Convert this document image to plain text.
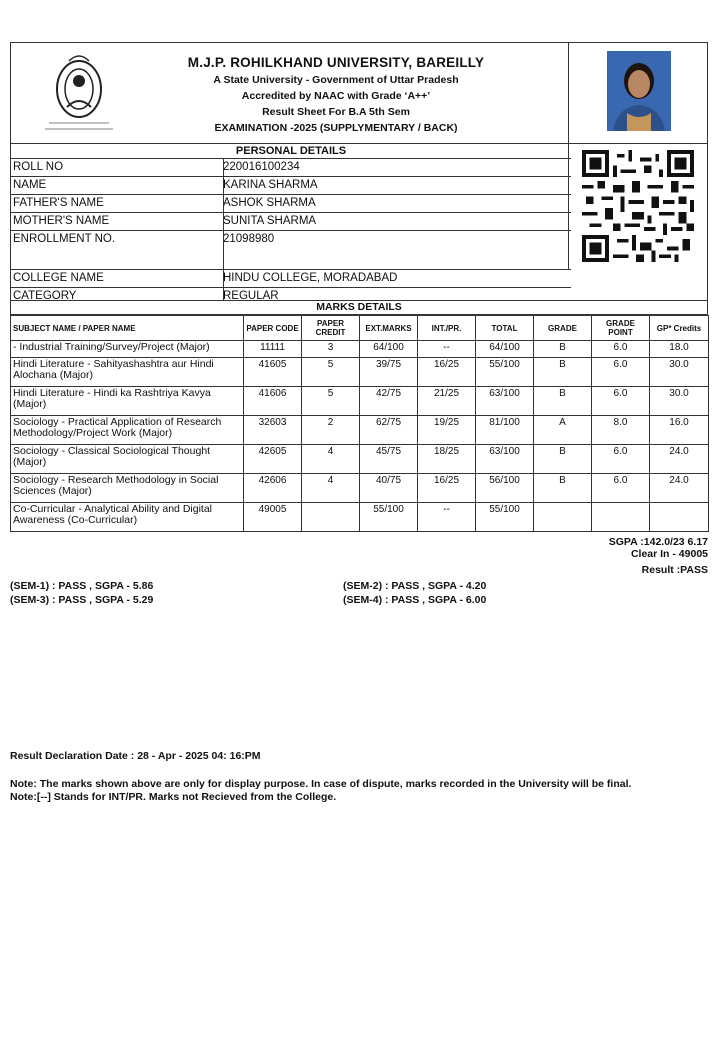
M.J.P. ROHILKHAND UNIVERSITY, BAREILLY
A State University - Government of Uttar Pradesh
Accredited by NAAC with Grade ‘A++’
Result Sheet For B.A 5th Sem
EXAMINATION -2025 (SUPPLYMENTARY / BACK)
PERSONAL DETAILS
ROLL NO	220016100234
NAME	KARINA SHARMA
FATHER'S NAME	ASHOK SHARMA
MOTHER'S NAME	SUNITA SHARMA
ENROLLMENT NO.	21098980
COLLEGE NAME	HINDU COLLEGE, MORADABAD
CATEGORY	REGULAR
MARKS DETAILS
SUBJECT NAME / PAPER NAME	PAPER CODE	PAPER CREDIT	EXT.MARKS	INT./PR.	TOTAL	GRADE	GRADE POINT	GP* Credits
- Industrial Training/Survey/Project (Major)	11111	3	64/100	--	64/100	B	6.0	18.0
Hindi Literature - Sahityashashtra aur Hindi Alochana (Major)	41605	5	39/75	16/25	55/100	B	6.0	30.0
Hindi Literature - Hindi ka Rashtriya Kavya (Major)	41606	5	42/75	21/25	63/100	B	6.0	30.0
Sociology - Practical Application of Research Methodology/Project Work (Major)	32603	2	62/75	19/25	81/100	A	8.0	16.0
Sociology - Classical Sociological Thought (Major)	42605	4	45/75	18/25	63/100	B	6.0	24.0
Sociology - Research Methodology in Social Sciences (Major)	42606	4	40/75	16/25	56/100	B	6.0	24.0
Co-Curricular - Analytical Ability and Digital Awareness (Co-Curricular)	49005		55/100	--	55/100			
SGPA :142.0/23 6.17
Clear In - 49005
Result :PASS
(SEM-1) : PASS , SGPA - 5.86	(SEM-2) : PASS , SGPA - 4.20
(SEM-3) : PASS , SGPA - 5.29	(SEM-4) : PASS , SGPA - 6.00
Result Declaration Date : 28 - Apr - 2025 04: 16:PM
Note: The marks shown above are only for display purpose. In case of dispute, marks recorded in the University will be final.
Note:[--] Stands for INT/PR. Marks not Recieved from the College.
